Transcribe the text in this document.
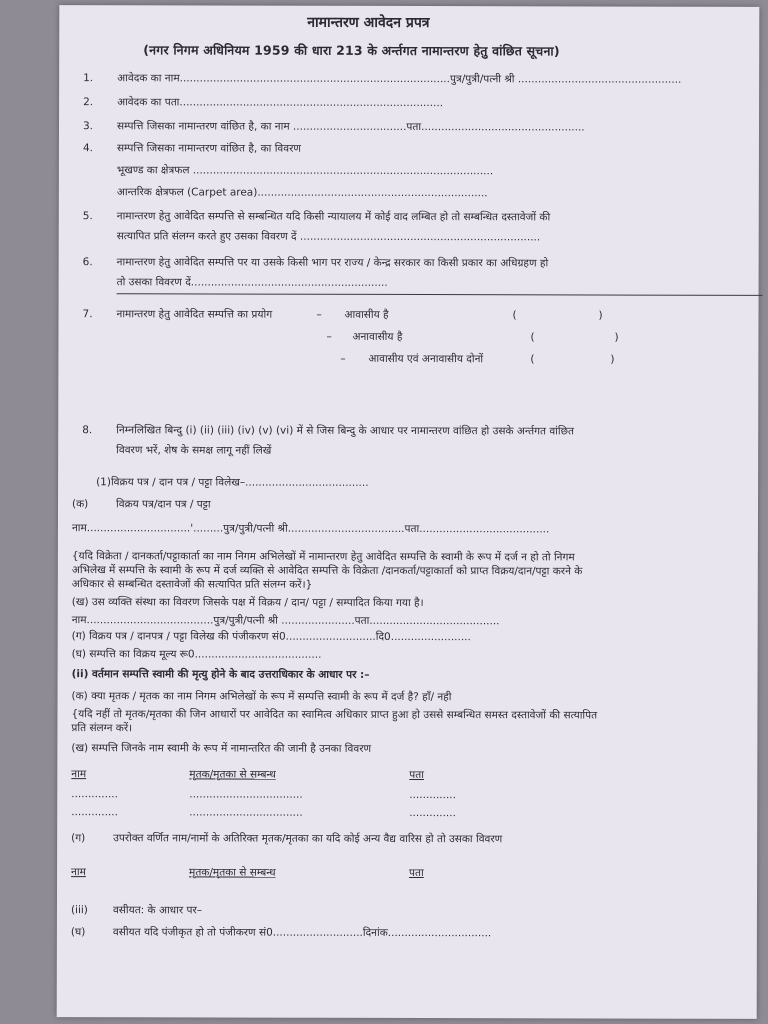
नामान्तरण आवेदन प्रपत्र
(नगर निगम अधिनियम 1959 की धारा 213 के अर्न्तगत नामान्तरण हेतु वांछित सूचना)
1. आवेदक का नाम.................................................................................पुत्र/पुत्री/पत्नी श्री .................................................
2. आवेदक का पता...............................................................................
3. सम्पत्ति जिसका नामान्तरण वांछित है, का नाम ..................................पता.................................................
4. सम्पत्ति जिसका नामान्तरण वांछित है, का विवरण
भूखण्ड का क्षेत्रफल ..........................................................................................
आन्तरिक क्षेत्रफल (Carpet area).....................................................................
5. नामान्तरण हेतु आवेदित सम्पत्ति से सम्बन्धित यदि किसी न्यायालय में कोई वाद लम्बित हो तो सम्बन्धित दस्तावेजों की
सत्यापित प्रति संलग्न करते हुए उसका विवरण दें ........................................................................
6. नामान्तरण हेतु आवेदित सम्पत्ति पर या उसके किसी भाग पर राज्य / केन्द्र सरकार का किसी प्रकार का अधिग्रहण हो
तो उसका विवरण दें...........................................................
7. नामान्तरण हेतु आवेदित सम्पत्ति का प्रयोग	– आवासीय है	(	)
– अनावासीय है	(	)
– आवासीय एवं अनावासीय दोनों	(	)
8. निम्नलिखित बिन्दु (i) (ii) (iii) (iv) (v) (vi) में से जिस बिन्दु के आधार पर नामान्तरण वांछित हो उसके अर्न्तगत वांछित
विवरण भरें, शेष के समक्ष लागू नहीं लिखें
(1)विक्रय पत्र / दान पत्र / पट्टा विलेख–.....................................
(क)	विक्रय पत्र/दान पत्र / पट्टा
नाम...............................'.........पुत्र/पुत्री/पत्नी श्री...................................पता.......................................
{यदि विक्रेता / दानकर्ता/पट्टाकार्ता का नाम निगम अभिलेखों में नामान्तरण हेतु आवेदित सम्पत्ति के स्वामी के रूप में दर्ज न हो तो निगम
अभिलेख में सम्पत्ति के स्वामी के रूप में दर्ज व्यक्ति से आवेदित सम्पत्ति के विक्रेता /दानकर्ता/पट्टाकार्ता को प्राप्त विक्रय/दान/पट्टा करने के
अधिकार से सम्बन्धित दस्तावेजों की सत्यापित प्रति संलग्न करें।}
(ख) उस व्यक्ति संस्था का विवरण जिसके पक्ष में विक्रय / दान/ पट्टा / सम्पादित किया गया है।
नाम......................................पुत्र/पुत्री/पत्नी श्री ......................पता.......................................
(ग) विक्रय पत्र / दानपत्र / पट्टा विलेख की पंजीकरण सं0...........................दि0........................
(घ) सम्पत्ति का विक्रय मूल्य रू0......................................
(ii) वर्तमान सम्पत्ति स्वामी की मृत्यु होने के बाद उत्तराधिकार के आधार पर :–
(क) क्या मृतक / मृतक का नाम निगम अभिलेखों के रूप में सम्पत्ति स्वामी के रूप में दर्ज है? हाँ/ नही
{यदि नहीं तो मृतक/मृतका की जिन आधारों पर आवेदित का स्वामित्व अधिकार प्राप्त हुआ हो उससे सम्बन्धित समस्त दस्तावेजों की सत्यापित
प्रति संलग्न करें।
(ख) सम्पत्ति जिनके नाम स्वामी के रूप में नामान्तरित की जानी है उनका विवरण
नाम	मृतक/मृतका से सम्बन्ध	पता
..............	..................................	..............
..............	..................................	..............
(ग)	उपरोक्त वर्णित नाम/नामों के अतिरिक्त मृतक/मृतका का यदि कोई अन्य वैद्य वारिस हो तो उसका विवरण
नाम	मृतक/मृतका से सम्बन्ध	पता
(iii) वसीयत: के आधार पर–
(घ)	वसीयत यदि पंजीकृत हो तो पंजीकरण सं0...........................दिनांक...............................
